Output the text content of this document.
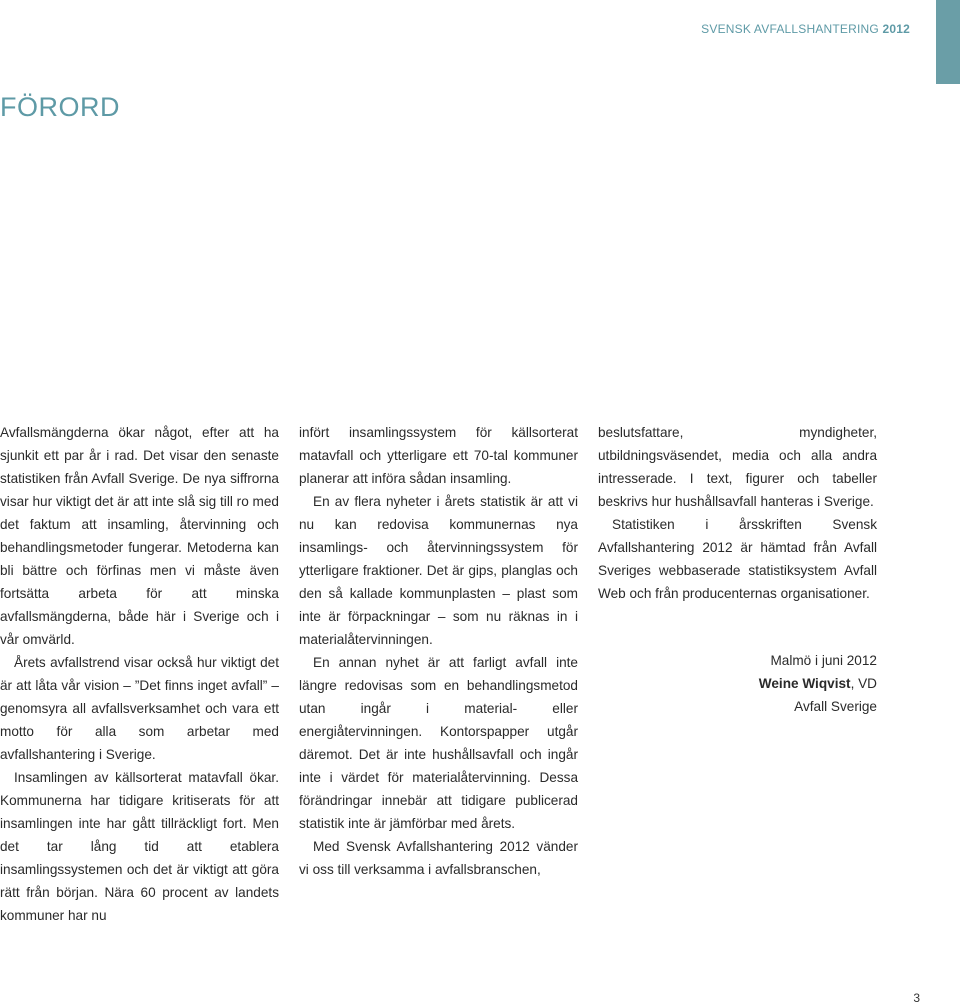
SVENSK AVFALLSHANTERING 2012
FÖRORD

Avfallsmängderna ökar något, efter att ha sjunkit ett par år i rad. Det visar den senaste statistiken från Avfall Sverige. De nya siffrorna visar hur viktigt det är att inte slå sig till ro med det faktum att insamling, återvinning och behandlingsmetoder fungerar. Metoderna kan bli bättre och förfinas men vi måste även fortsätta arbeta för att minska avfallsmängderna, både här i Sverige och i vår omvärld.

Årets avfallstrend visar också hur viktigt det är att låta vår vision – ”Det finns inget avfall” – genomsyra all avfallsverksamhet och vara ett motto för alla som arbetar med avfallshantering i Sverige.

Insamlingen av källsorterat matavfall ökar. Kommunerna har tidigare kritiserats för att insamlingen inte har gått tillräckligt fort. Men det tar lång tid att etablera insamlingssystemen och det är viktigt att göra rätt från början. Nära 60 procent av landets kommuner har nu

infört insamlingssystem för källsorterat matavfall och ytterligare ett 70-tal kommuner planerar att införa sådan insamling.

En av flera nyheter i årets statistik är att vi nu kan redovisa kommunernas nya insamlings- och återvinningssystem för ytterligare fraktioner. Det är gips, planglas och den så kallade kommunplasten – plast som inte är förpackningar – som nu räknas in i materialåtervinningen.

En annan nyhet är att farligt avfall inte längre redovisas som en behandlingsmetod utan ingår i material- eller energiåtervinningen. Kontorspapper utgår däremot. Det är inte hushållsavfall och ingår inte i värdet för materialåtervinning. Dessa förändringar innebär att tidigare publicerad statistik inte är jämförbar med årets.

Med Svensk Avfallshantering 2012 vänder vi oss till verksamma i avfallsbranschen,

beslutsfattare, myndigheter, utbildningsväsendet, media och alla andra intresserade. I text, figurer och tabeller beskrivs hur hushållsavfall hanteras i Sverige.

Statistiken i årsskriften Svensk Avfallshantering 2012 är hämtad från Avfall Sveriges webbaserade statistiksystem Avfall Web och från producenternas organisationer.

Malmö i juni 2012
Weine Wiqvist, VD
Avfall Sverige
3
